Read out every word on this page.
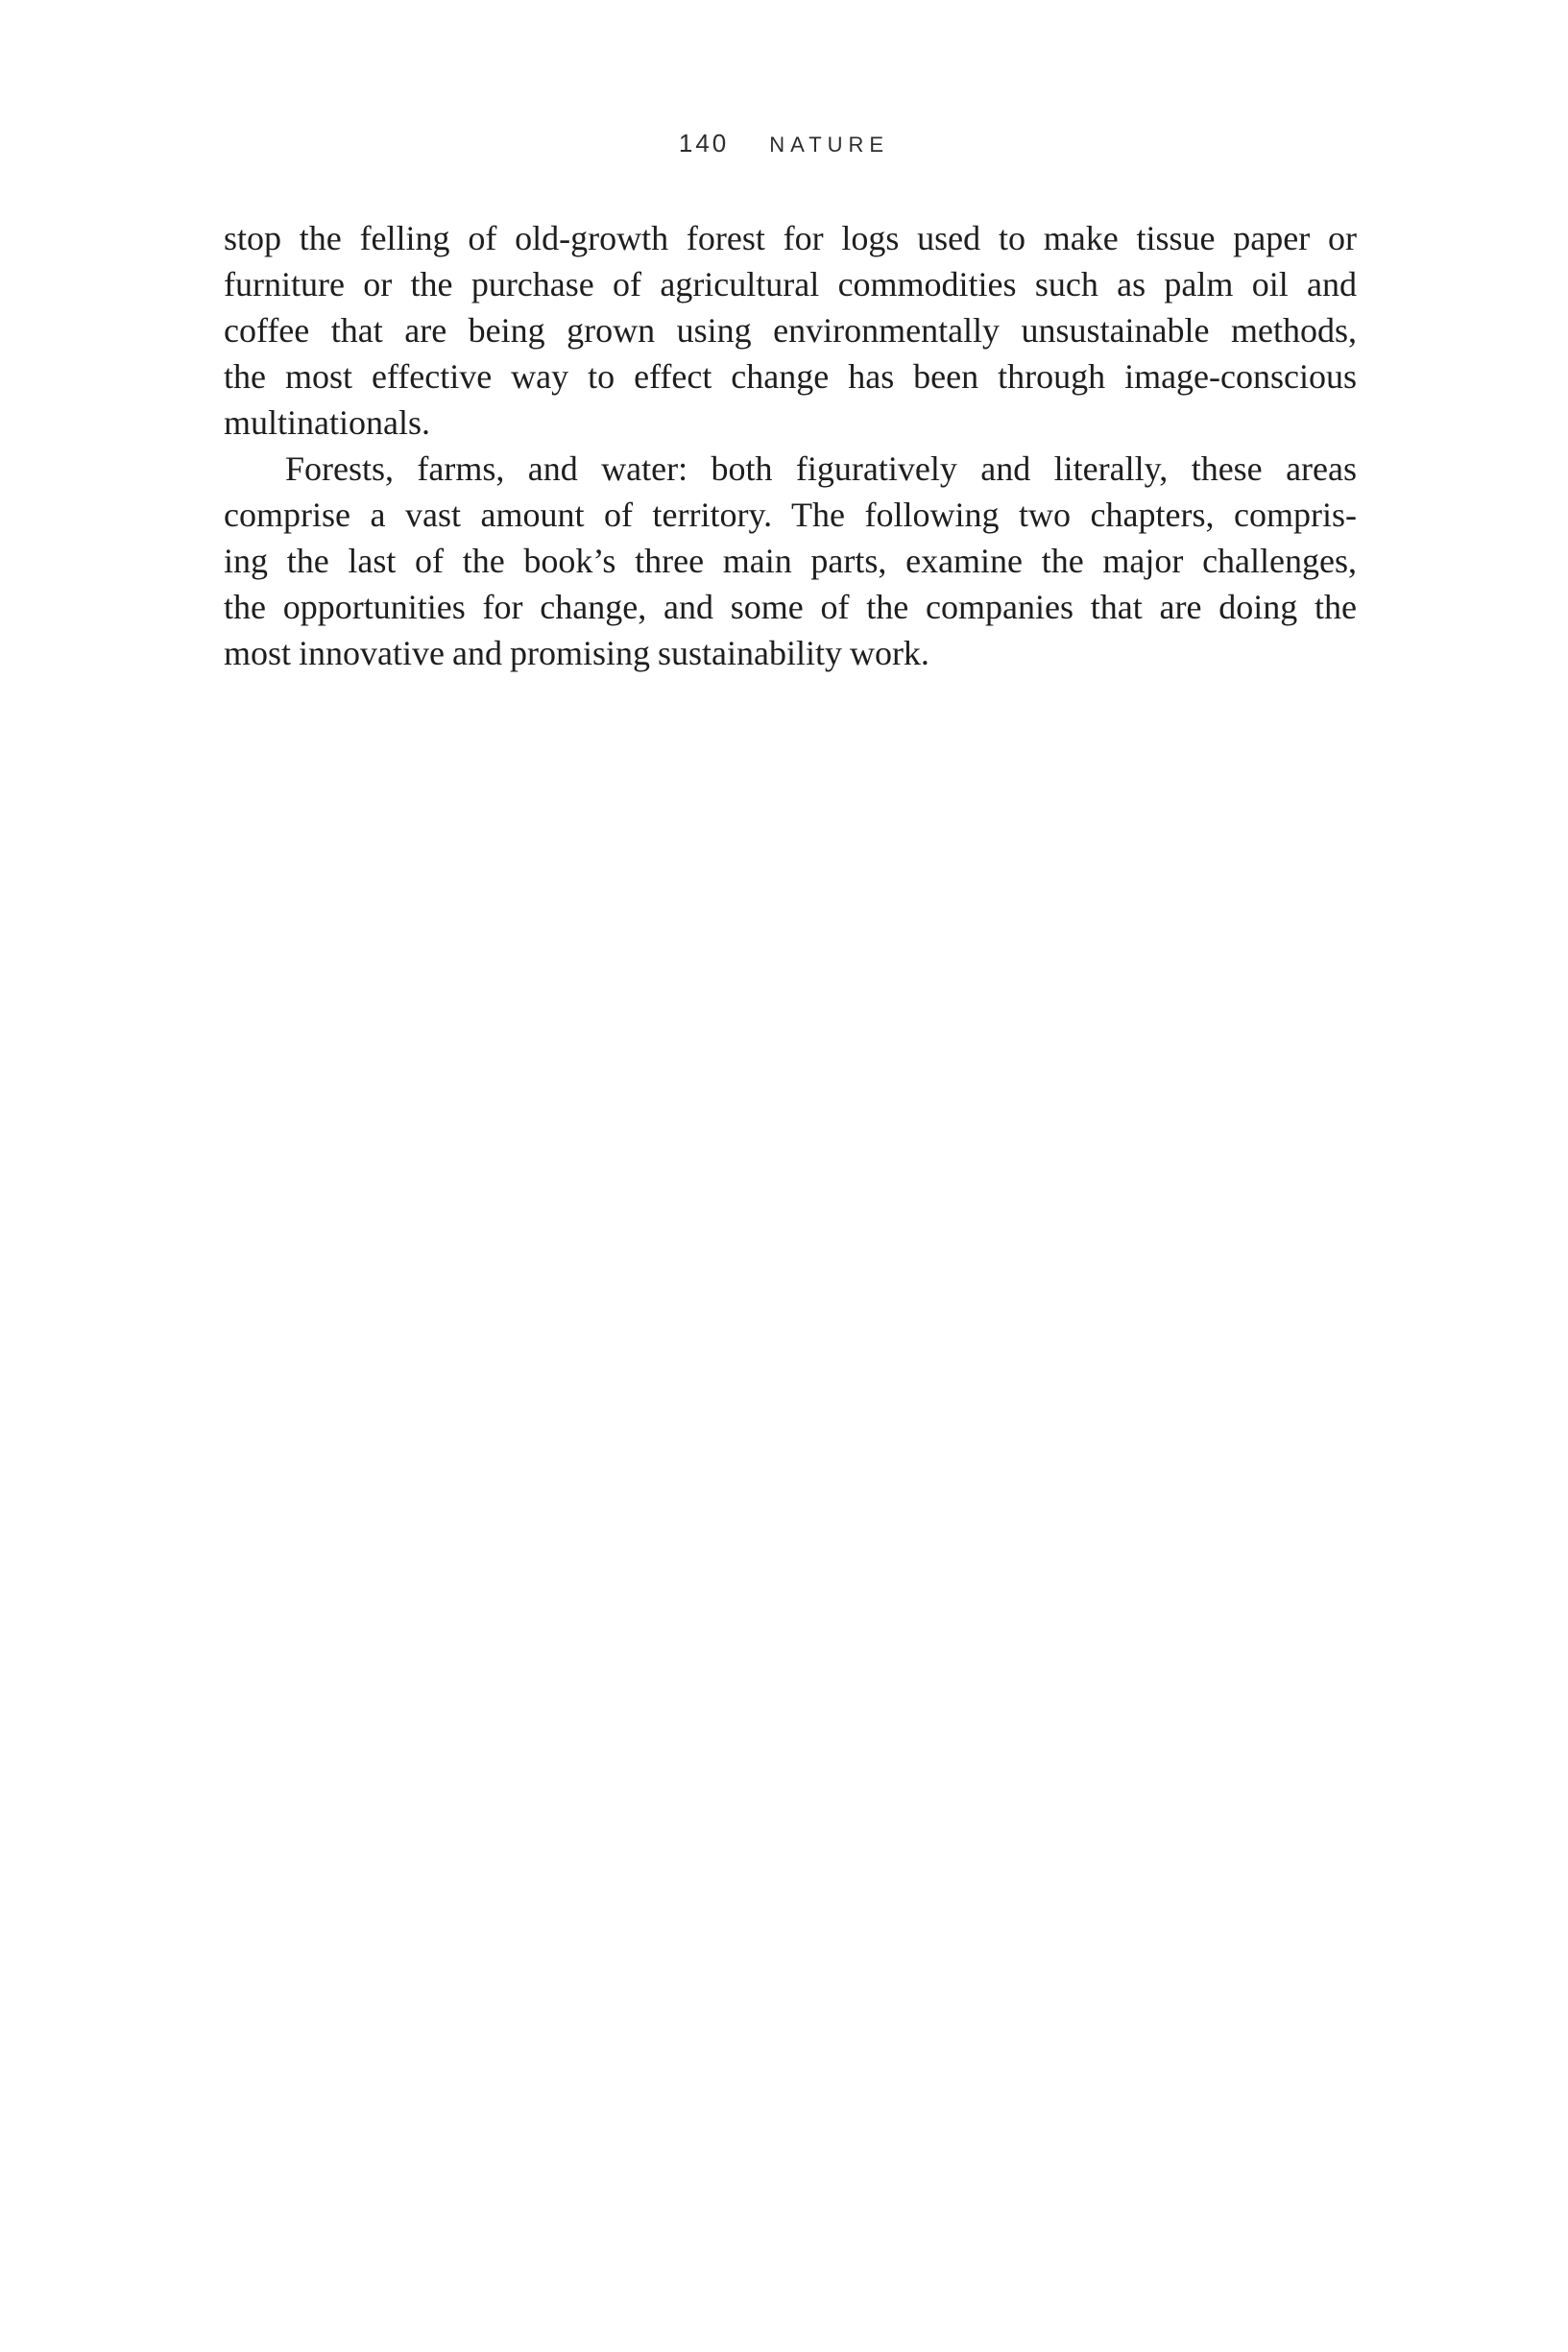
140 NATURE
stop the felling of old-growth forest for logs used to make tissue paper or
furniture or the purchase of agricultural commodities such as palm oil and
coffee that are being grown using environmentally unsustainable methods,
the most effective way to effect change has been through image-conscious
multinationals.
Forests, farms, and water: both figuratively and literally, these areas
comprise a vast amount of territory. The following two chapters, compris-
ing the last of the book’s three main parts, examine the major challenges,
the opportunities for change, and some of the companies that are doing the
most innovative and promising sustainability work.
